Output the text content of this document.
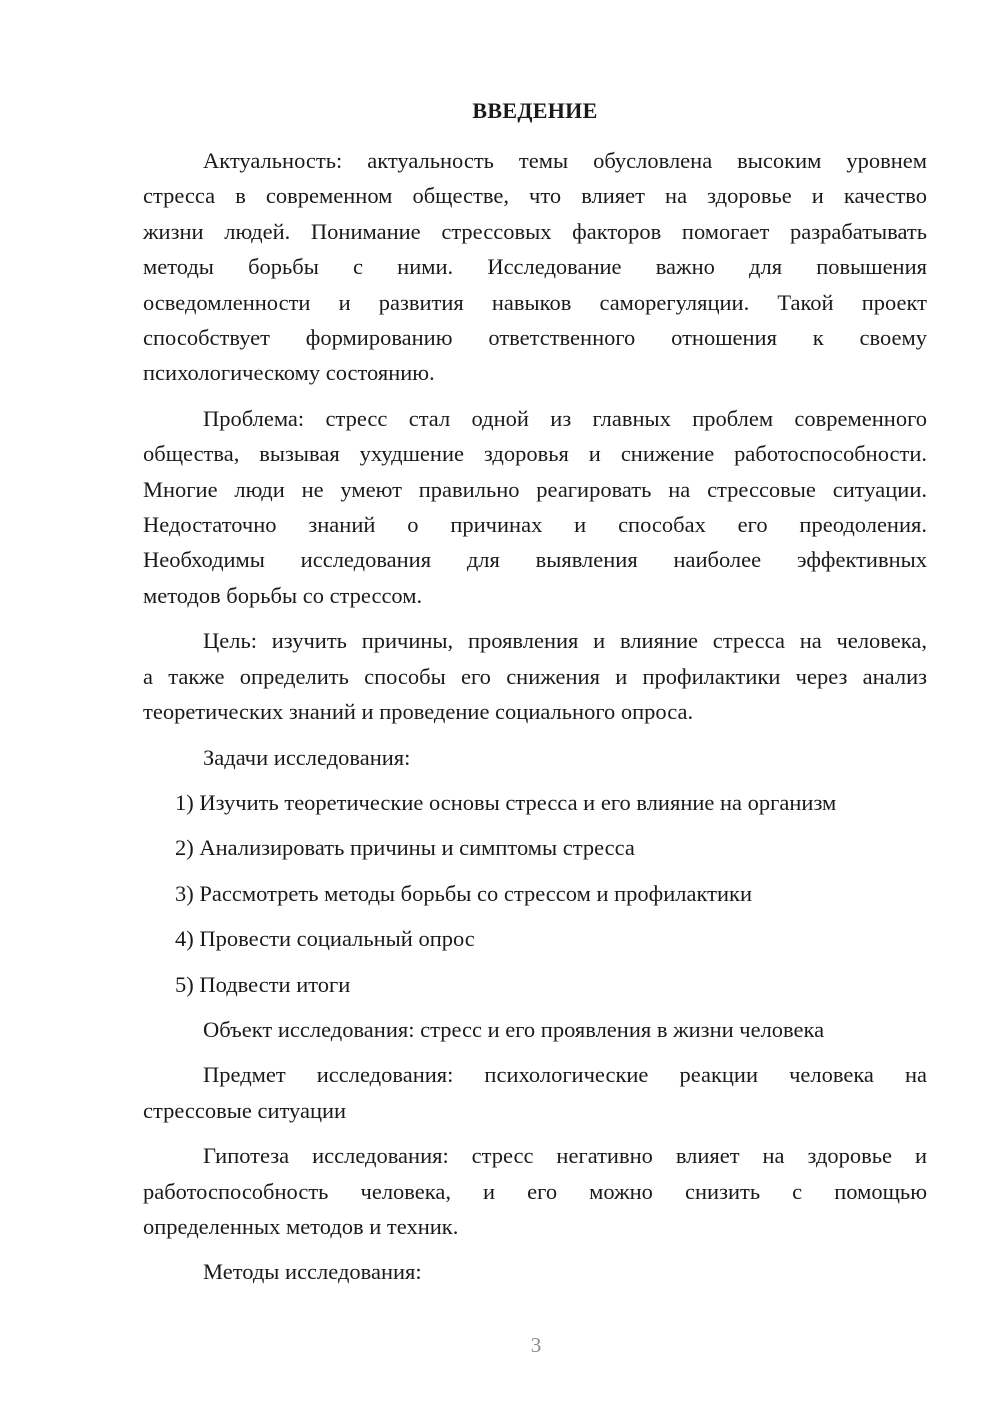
ВВЕДЕНИЕ

Актуальность: актуальность темы обусловлена высоким уровнем
стресса в современном обществе, что влияет на здоровье и качество
жизни людей. Понимание стрессовых факторов помогает разрабатывать
методы борьбы с ними. Исследование важно для повышения
осведомленности и развития навыков саморегуляции. Такой проект
способствует формированию ответственного отношения к своему
психологическому состоянию.

Проблема: стресс стал одной из главных проблем современного
общества, вызывая ухудшение здоровья и снижение работоспособности.
Многие люди не умеют правильно реагировать на стрессовые ситуации.
Недостаточно знаний о причинах и способах его преодоления.
Необходимы исследования для выявления наиболее эффективных
методов борьбы со стрессом.

Цель: изучить причины, проявления и влияние стресса на человека,
а также определить способы его снижения и профилактики через анализ
теоретических знаний и проведение социального опроса.

Задачи исследования:

1) Изучить теоретические основы стресса и его влияние на организм

2) Анализировать причины и симптомы стресса

3) Рассмотреть методы борьбы со стрессом и профилактики

4) Провести социальный опрос

5) Подвести итоги

Объект исследования: стресс и его проявления в жизни человека

Предмет исследования: психологические реакции человека на
стрессовые ситуации

Гипотеза исследования: стресс негативно влияет на здоровье и
работоспособность человека, и его можно снизить с помощью
определенных методов и техник.

Методы исследования:

3
